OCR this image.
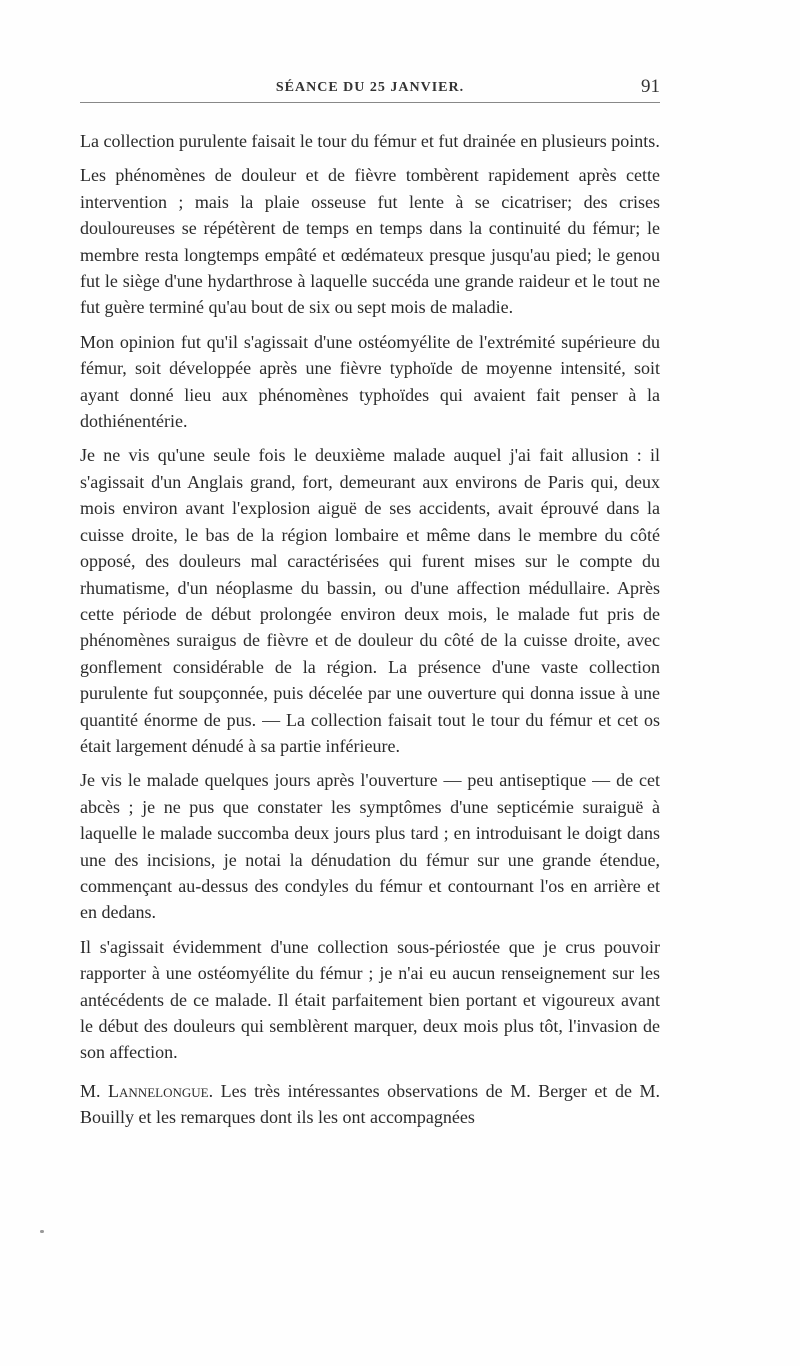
SÉANCE DU 25 JANVIER.	91

La collection purulente faisait le tour du fémur et fut drainée en plusieurs points.

Les phénomènes de douleur et de fièvre tombèrent rapidement après cette intervention ; mais la plaie osseuse fut lente à se cicatriser; des crises douloureuses se répétèrent de temps en temps dans la continuité du fémur; le membre resta longtemps empâté et œdémateux presque jusqu'au pied; le genou fut le siège d'une hydarthrose à laquelle succéda une grande raideur et le tout ne fut guère terminé qu'au bout de six ou sept mois de maladie.

Mon opinion fut qu'il s'agissait d'une ostéomyélite de l'extrémité supérieure du fémur, soit développée après une fièvre typhoïde de moyenne intensité, soit ayant donné lieu aux phénomènes typhoïdes qui avaient fait penser à la dothiénentérie.

Je ne vis qu'une seule fois le deuxième malade auquel j'ai fait allusion : il s'agissait d'un Anglais grand, fort, demeurant aux environs de Paris qui, deux mois environ avant l'explosion aiguë de ses accidents, avait éprouvé dans la cuisse droite, le bas de la région lombaire et même dans le membre du côté opposé, des douleurs mal caractérisées qui furent mises sur le compte du rhumatisme, d'un néoplasme du bassin, ou d'une affection médullaire. Après cette période de début prolongée environ deux mois, le malade fut pris de phénomènes suraigus de fièvre et de douleur du côté de la cuisse droite, avec gonflement considérable de la région. La présence d'une vaste collection purulente fut soupçonnée, puis décelée par une ouverture qui donna issue à une quantité énorme de pus. — La collection faisait tout le tour du fémur et cet os était largement dénudé à sa partie inférieure.

Je vis le malade quelques jours après l'ouverture — peu antiseptique — de cet abcès ; je ne pus que constater les symptômes d'une septicémie suraiguë à laquelle le malade succomba deux jours plus tard ; en introduisant le doigt dans une des incisions, je notai la dénudation du fémur sur une grande étendue, commençant au-dessus des condyles du fémur et contournant l'os en arrière et en dedans.

Il s'agissait évidemment d'une collection sous-périostée que je crus pouvoir rapporter à une ostéomyélite du fémur ; je n'ai eu aucun renseignement sur les antécédents de ce malade. Il était parfaitement bien portant et vigoureux avant le début des douleurs qui semblèrent marquer, deux mois plus tôt, l'invasion de son affection.

M. Lannelongue. Les très intéressantes observations de M. Berger et de M. Bouilly et les remarques dont ils les ont accompagnées
